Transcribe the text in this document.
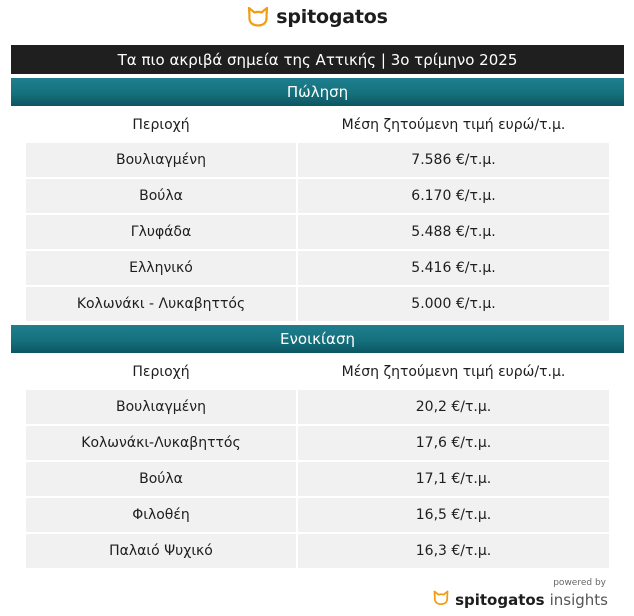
spitogatos
Τα πιο ακριβά σημεία της Αττικής | 3ο τρίμηνο 2025
Πώληση
Περιοχή	Μέση ζητούμενη τιμή ευρώ/τ.μ.
Βουλιαγμένη	7.586 €/τ.μ.
Βούλα	6.170 €/τ.μ.
Γλυφάδα	5.488 €/τ.μ.
Ελληνικό	5.416 €/τ.μ.
Κολωνάκι - Λυκαβηττός	5.000 €/τ.μ.
Ενοικίαση
Περιοχή	Μέση ζητούμενη τιμή ευρώ/τ.μ.
Βουλιαγμένη	20,2 €/τ.μ.
Κολωνάκι-Λυκαβηττός	17,6 €/τ.μ.
Βούλα	17,1 €/τ.μ.
Φιλοθέη	16,5 €/τ.μ.
Παλαιό Ψυχικό	16,3 €/τ.μ.
powered by
spitogatos insights
